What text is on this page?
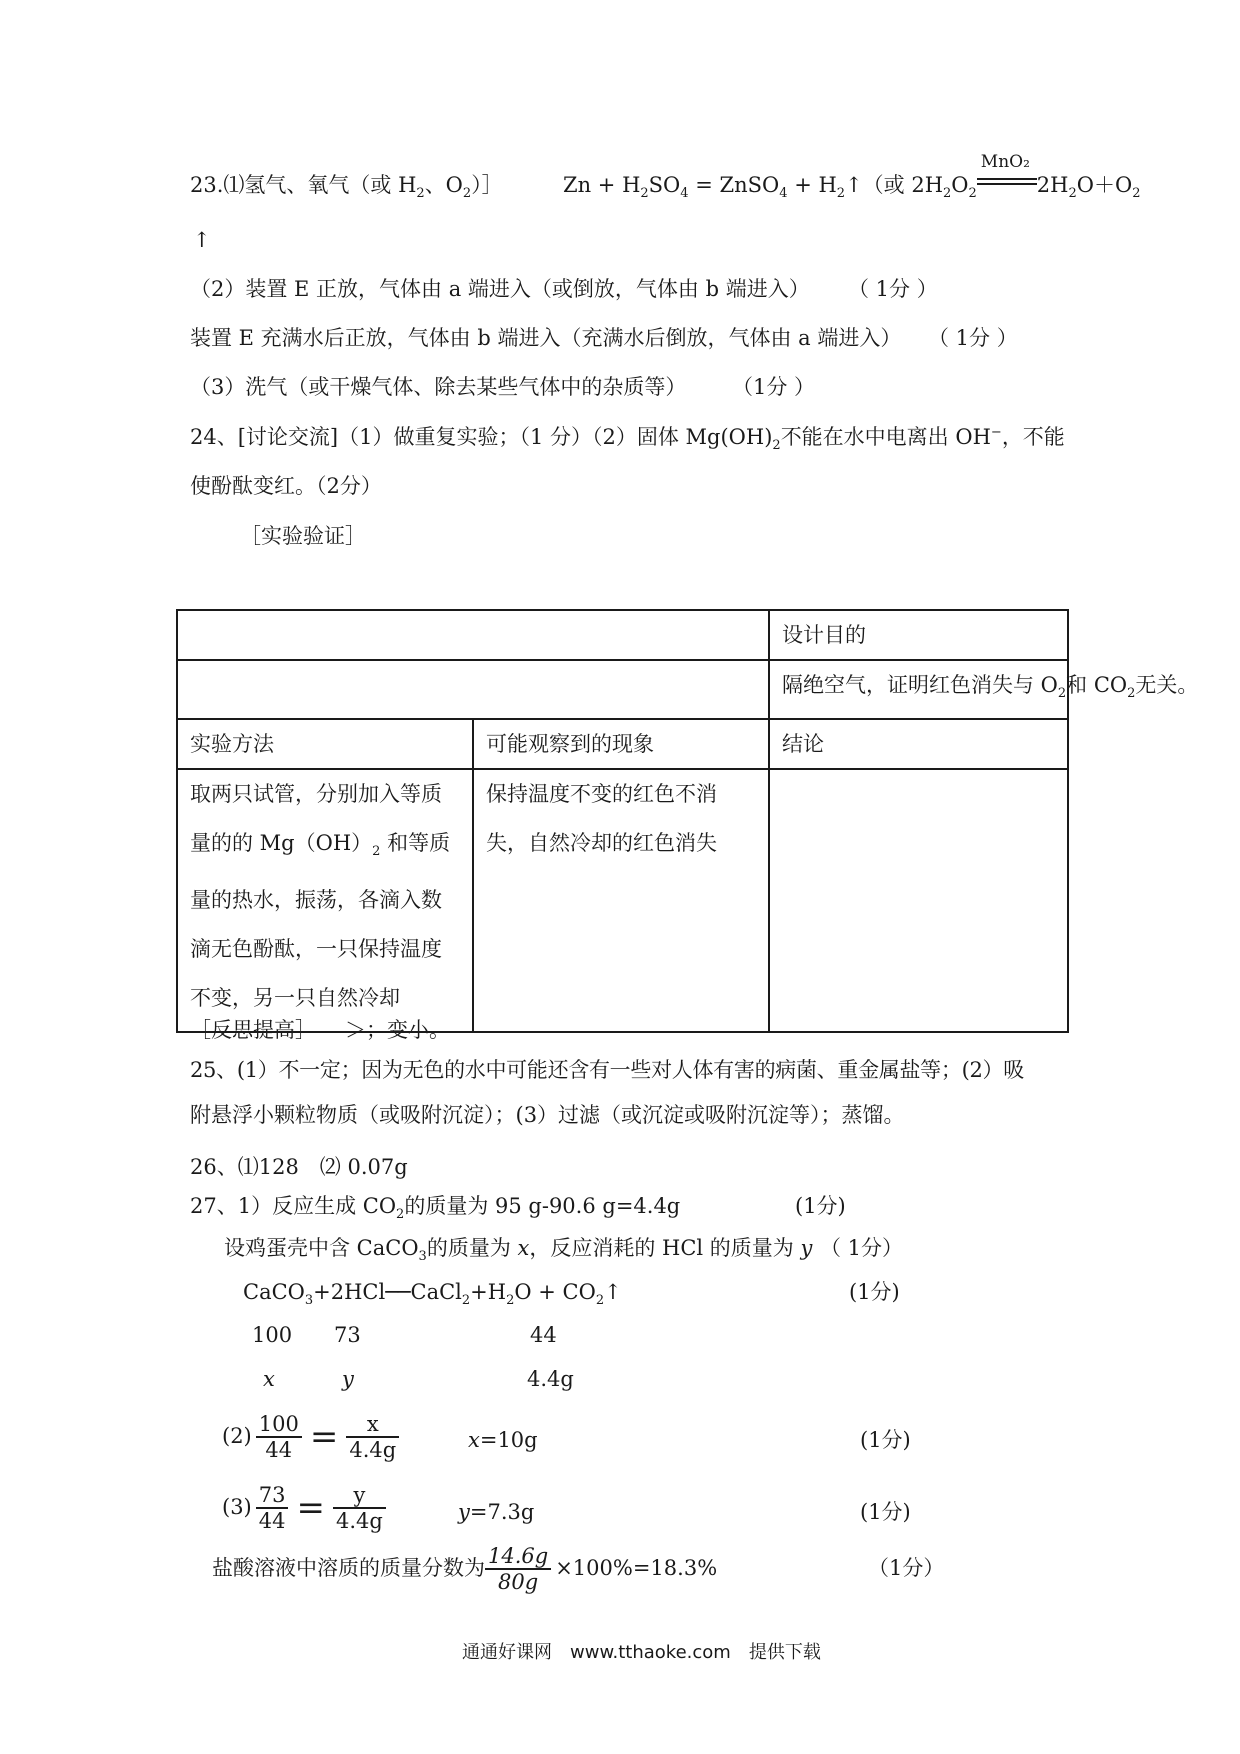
23.⑴氢气、氧气（或 $H_2$、$O_2)]$	$Zn + H_2SO_4$ = ZnSO$_4$ + $H_2↑$（或 $2H_2O_2$
MnO₂
$2H_2O+O_2$
↑
（2）装置 E 正放，气体由 a 端进入（或倒放，气体由 b 端进入） （ 1分 ）
装置 E 充满水后正放，气体由 b 端进入（充满水后倒放，气体由 a 端进入） （ 1分 ）
（3）洗气（或干燥气体、除去某些气体中的杂质等） （1分 ）
24、[讨论交流]（1）做重复实验；（1 分）（2）固体 $Mg(OH)_2$不能在水中电离出 OH−，不能
使酚酞变红。（2分）
［实验验证］
		设计目的
		隔绝空气，证明红色消失与 $O_2$和 $CO_2$无关。
实验方法	可能观察到的现象	结论
取两只试管，分别加入等质量的的 $Mg(OH)_2$ 和等质量的热水，振荡，各滴入数滴无色酚酞，一只保持温度不变，另一只自然冷却	保持温度不变的红色不消失，自然冷却的红色消失	
［反思提高］ ＞；变小。
25、(1）不一定；因为无色的水中可能还含有一些对人体有害的病菌、重金属盐等；(2）吸
附悬浮小颗粒物质（或吸附沉淀）；(3）过滤（或沉淀或吸附沉淀等）；蒸馏。
26、⑴128　⑵ 0.07g
27、1）反应生成 $CO_2$的质量为 95 g-90.6 g=4.4g	(1分)
设鸡蛋壳中含 CaCO$_3$的质量为 x，反应消耗的 HCl 的质量为 y （ 1分）
$CaCO_3+2HCl──CaCl_2+H_2O$ + $CO_2↑$	(1分)
100 73	44
x	y	4.4g
$(2) \frac{100}{44} = \frac{x}{4.4g}$	x=10g	(1分)
$(3) \frac{73}{44} = \frac{y}{4.4g}$	y=7.3g	(1分)
盐酸溶液中溶质的质量分数为 $\frac{14.6g}{80g} \times 100\%=18.3\%$	（1分）
通通好课网　www.tthaoke.com　提供下载
